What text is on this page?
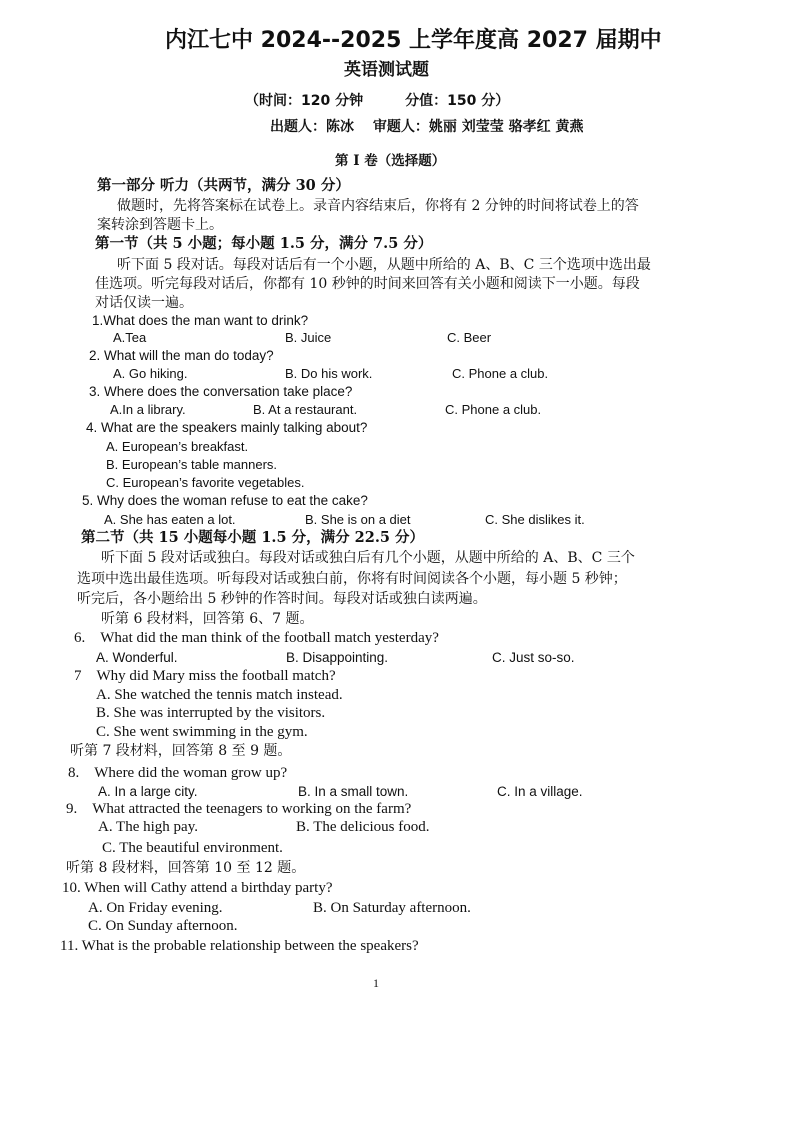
内江七中 2024--2025 上学年度高 2027 届期中
英语测试题
（时间：120 分钟　　　分值：150 分）
出题人：陈冰　 审题人：姚丽 刘莹莹 骆孝红 黄燕
第 I 卷（选择题）
第一部分 听力（共两节，满分 30 分）
做题时，先将答案标在试卷上。录音内容结束后，你将有 2 分钟的时间将试卷上的答
案转涂到答题卡上。
第一节（共 5 小题；每小题 1.5 分，满分 7.5 分）
听下面 5 段对话。每段对话后有一个小题，从题中所给的 A、B、C 三个选项中选出最
佳选项。听完每段对话后，你都有 10 秒钟的时间来回答有关小题和阅读下一小题。每段
对话仅读一遍。
1.What does the man want to drink?
A.Tea	B. Juice	C. Beer
2. What will the man do today?
A. Go hiking.	B. Do his work.	C. Phone a club.
3. Where does the conversation take place?
A.In a library.	B. At a restaurant.	C. Phone a club.
4. What are the speakers mainly talking about?
A. European’s breakfast.
B. European’s table manners.
C. European’s favorite vegetables.
5. Why does the woman refuse to eat the cake?
A. She has eaten a lot.	B. She is on a diet	C. She dislikes it.
第二节（共 15 小题每小题 1.5 分，满分 22.5 分）
听下面 5 段对话或独白。每段对话或独白后有几个小题，从题中所给的 A、B、C 三个
选项中选出最佳选项。听每段对话或独白前，你将有时间阅读各个小题，每小题 5 秒钟；
听完后，各小题给出 5 秒钟的作答时间。每段对话或独白读两遍。
听第 6 段材料，回答第 6、7 题。
6.　What did the man think of the football match yesterday?
A. Wonderful.	B. Disappointing.	C. Just so-so.
7　Why did Mary miss the football match?
A. She watched the tennis match instead.
B. She was interrupted by the visitors.
C. She went swimming in the gym.
听第 7 段材料，回答第 8 至 9 题。
8.　Where did the woman grow up?
A. In a large city.	B. In a small town.	C. In a village.
9.　What attracted the teenagers to working on the farm?
A. The high pay.	B. The delicious food.
C. The beautiful environment.
听第 8 段材料，回答第 10 至 12 题。
10. When will Cathy attend a birthday party?
A. On Friday evening.	B. On Saturday afternoon.
C. On Sunday afternoon.
11. What is the probable relationship between the speakers?
1
